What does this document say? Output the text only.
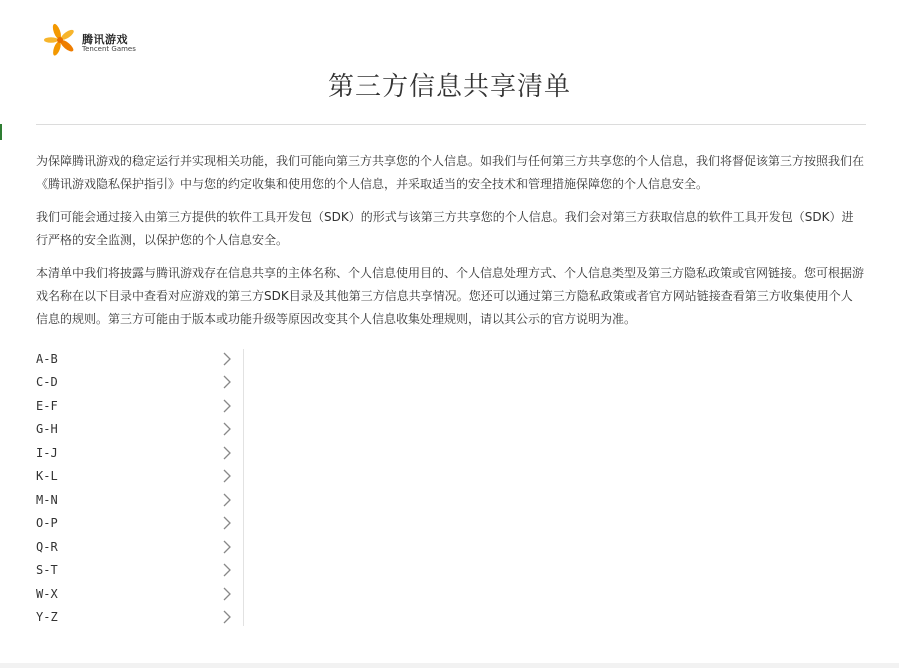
腾讯游戏
Tencent Games
第三方信息共享清单

为保障腾讯游戏的稳定运行并实现相关功能，我们可能向第三方共享您的个人信息。如我们与任何第三方共享您的个人信息，我们将督促该第三方按照我们在《腾讯游戏隐私保护指引》中与您的约定收集和使用您的个人信息，并采取适当的安全技术和管理措施保障您的个人信息安全。

我们可能会通过接入由第三方提供的软件工具开发包（SDK）的形式与该第三方共享您的个人信息。我们会对第三方获取信息的软件工具开发包（SDK）进行严格的安全监测，以保护您的个人信息安全。

本清单中我们将披露与腾讯游戏存在信息共享的主体名称、个人信息使用目的、个人信息处理方式、个人信息类型及第三方隐私政策或官网链接。您可根据游戏名称在以下目录中查看对应游戏的第三方SDK目录及其他第三方信息共享情况。您还可以通过第三方隐私政策或者官方网站链接查看第三方收集使用个人信息的规则。第三方可能由于版本或功能升级等原因改变其个人信息收集处理规则，请以其公示的官方说明为准。

A-B
C-D
E-F
G-H
I-J
K-L
M-N
O-P
Q-R
S-T
W-X
Y-Z
